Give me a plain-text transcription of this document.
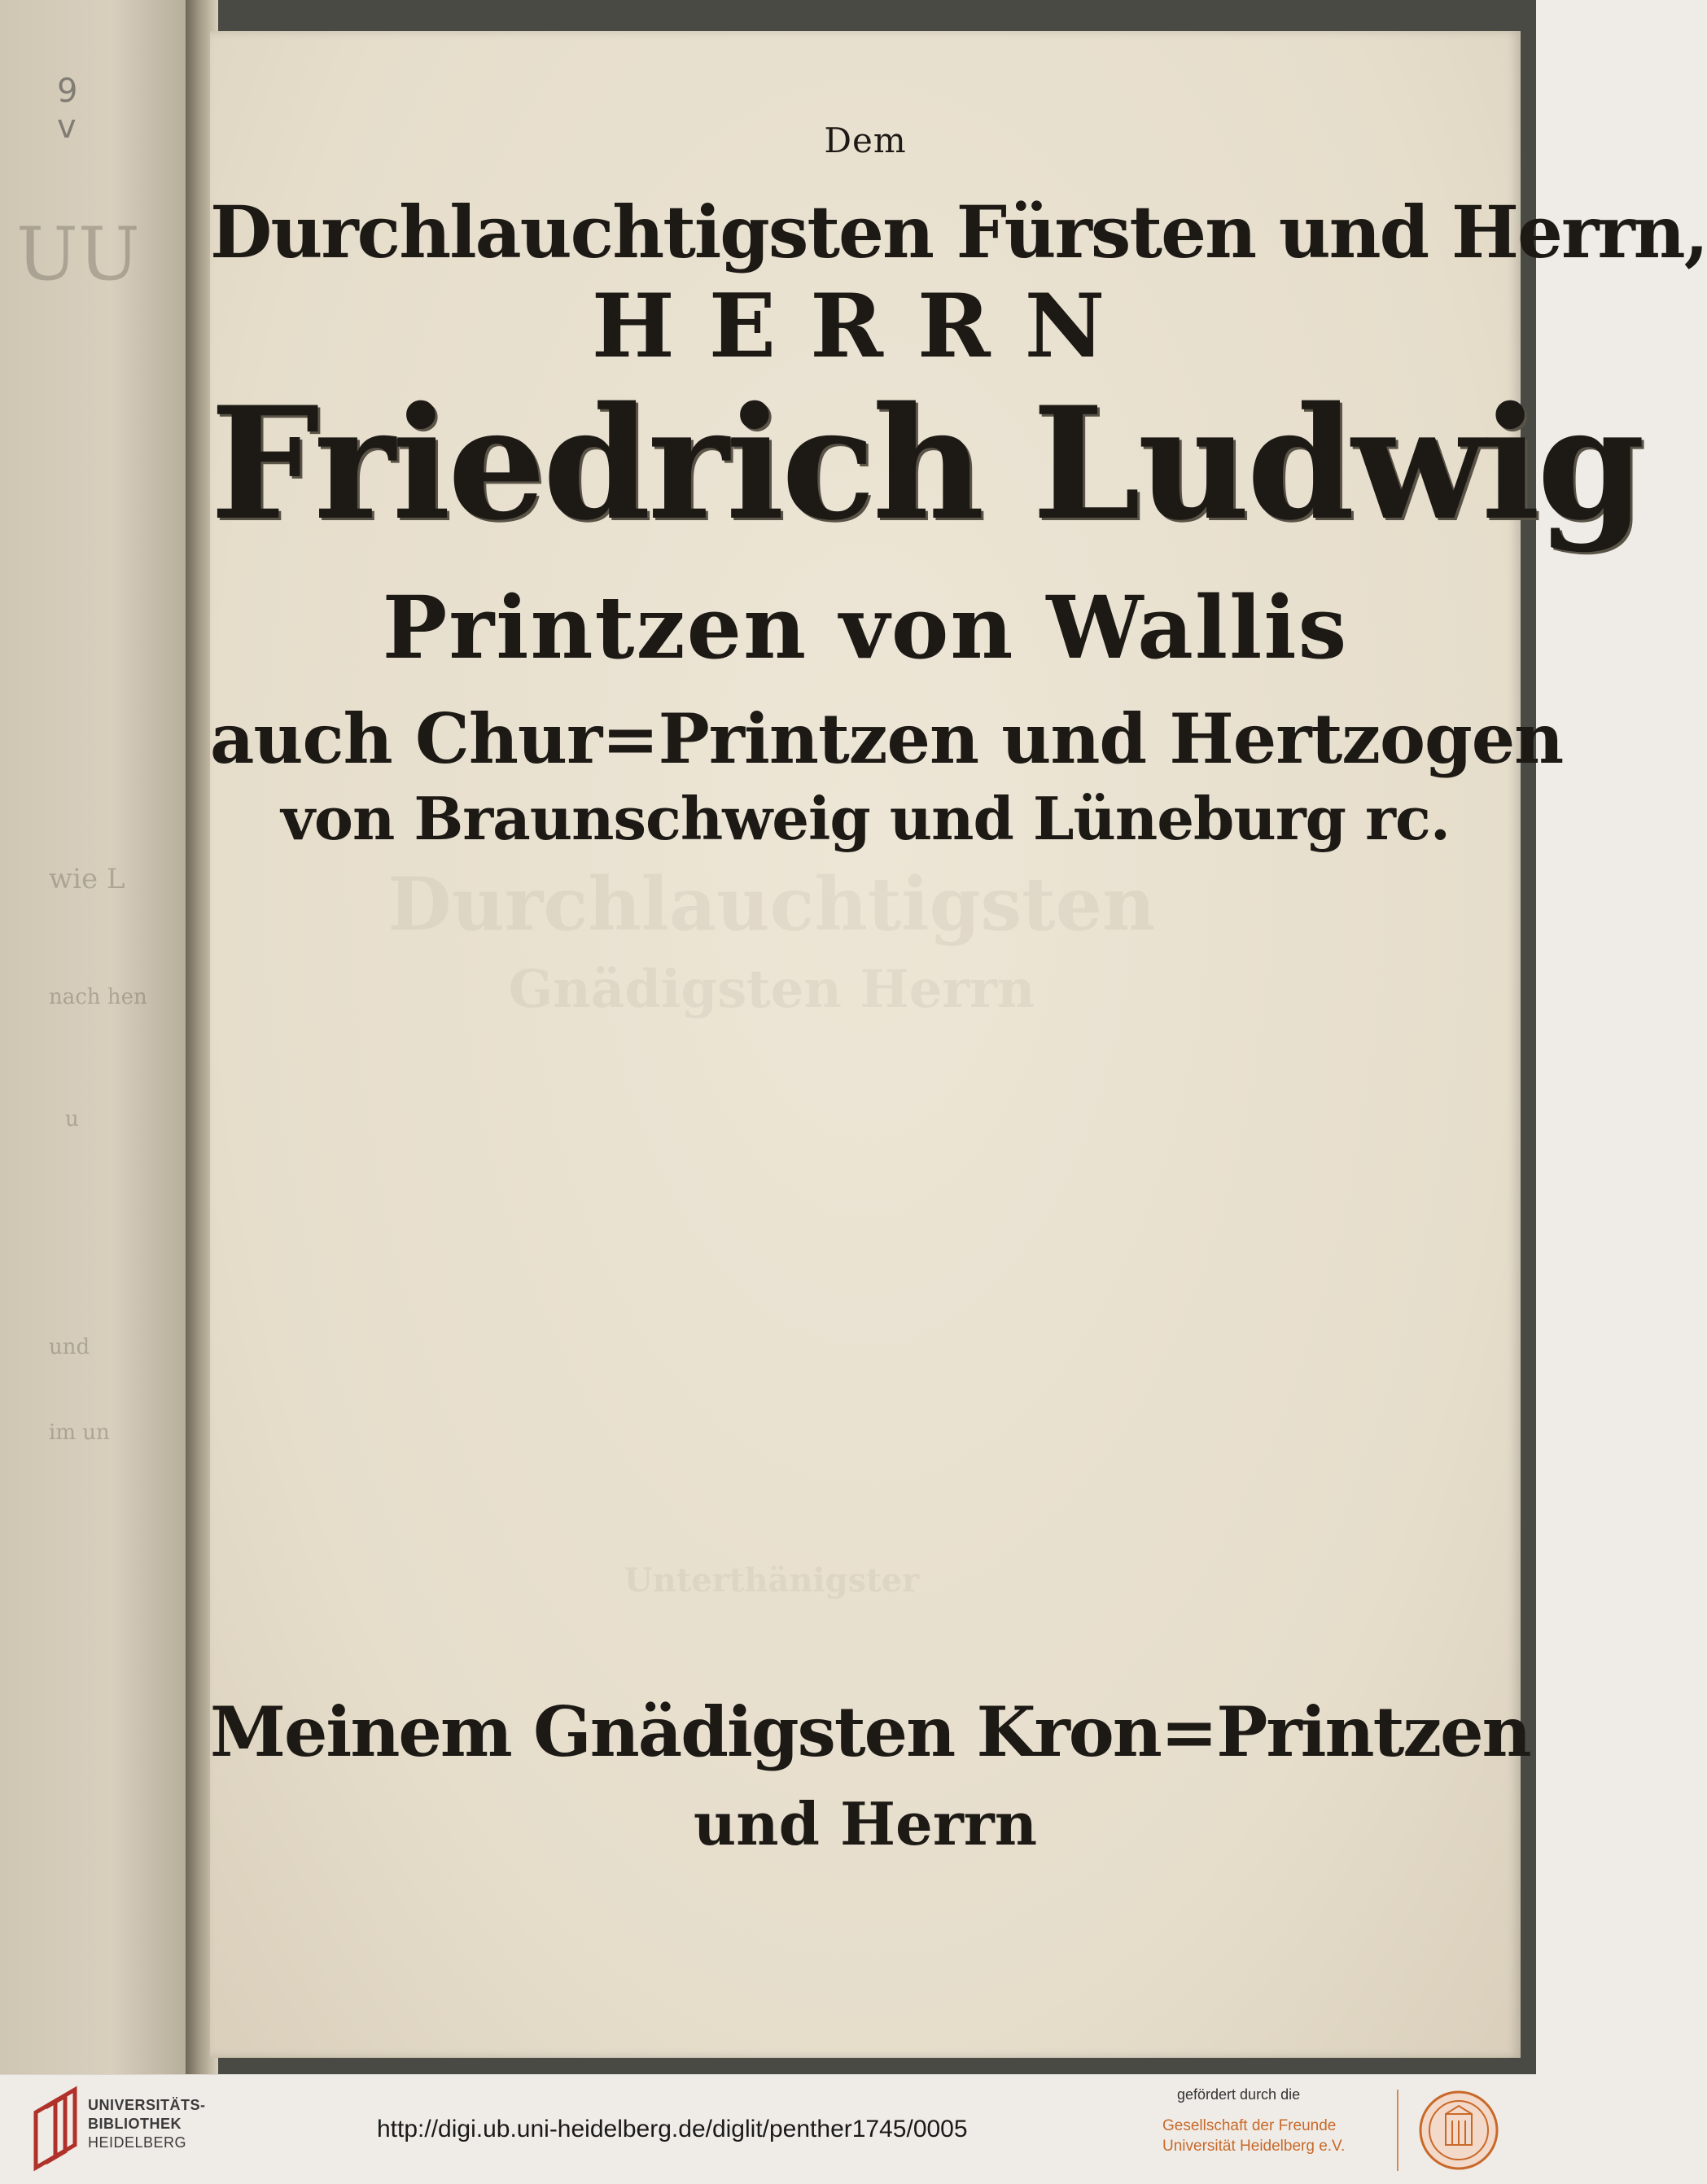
9
v
UU
wie L
nach hen
u
und
im un
Durchlauchtigsten
Gnädigsten Herrn
Unterthänigster
Dem
Durchlauchtigsten Fürsten und Herrn,
HERRN
Friedrich Ludwig
Printzen von Wallis
auch Chur=Printzen und Hertzogen
von Braunschweig und Lüneburg rc.
Meinem Gnädigsten Kron=Printzen
und Herrn
UNIVERSITÄTS-
BIBLIOTHEK
HEIDELBERG	http://digi.ub.uni-heidelberg.de/diglit/penther1745/0005
gefördert durch die
Gesellschaft der Freunde
Universität Heidelberg e.V.
